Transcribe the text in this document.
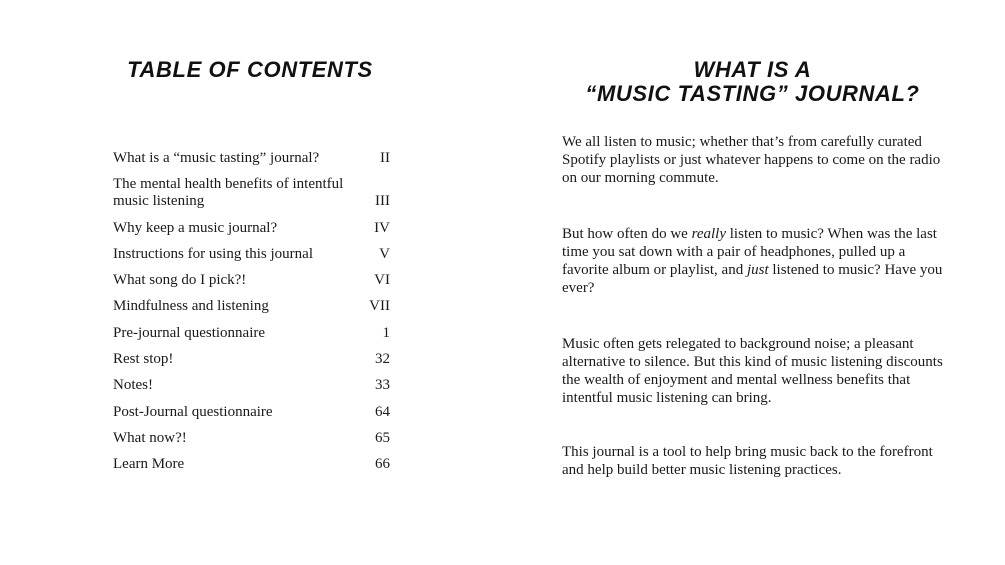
TABLE OF CONTENTS
What is a “music tasting” journal?	II
The mental health benefits of intentful music listening	III
Why keep a music journal?	IV
Instructions for using this journal	V
What song do I pick?!	VI
Mindfulness and listening	VII
Pre-journal questionnaire	1
Rest stop!	32
Notes!	33
Post-Journal questionnaire	64
What now?!	65
Learn More	66
WHAT IS A
“MUSIC TASTING” JOURNAL?

We all listen to music; whether that’s from carefully curated Spotify playlists or just whatever happens to come on the radio on our morning commute.

But how often do we really listen to music? When was the last time you sat down with a pair of headphones, pulled up a favorite album or playlist, and just listened to music? Have you ever?

Music often gets relegated to background noise; a pleasant alternative to silence. But this kind of music listening discounts the wealth of enjoyment and mental wellness benefits that intentful music listening can bring.

This journal is a tool to help bring music back to the forefront and help build better music listening practices.
